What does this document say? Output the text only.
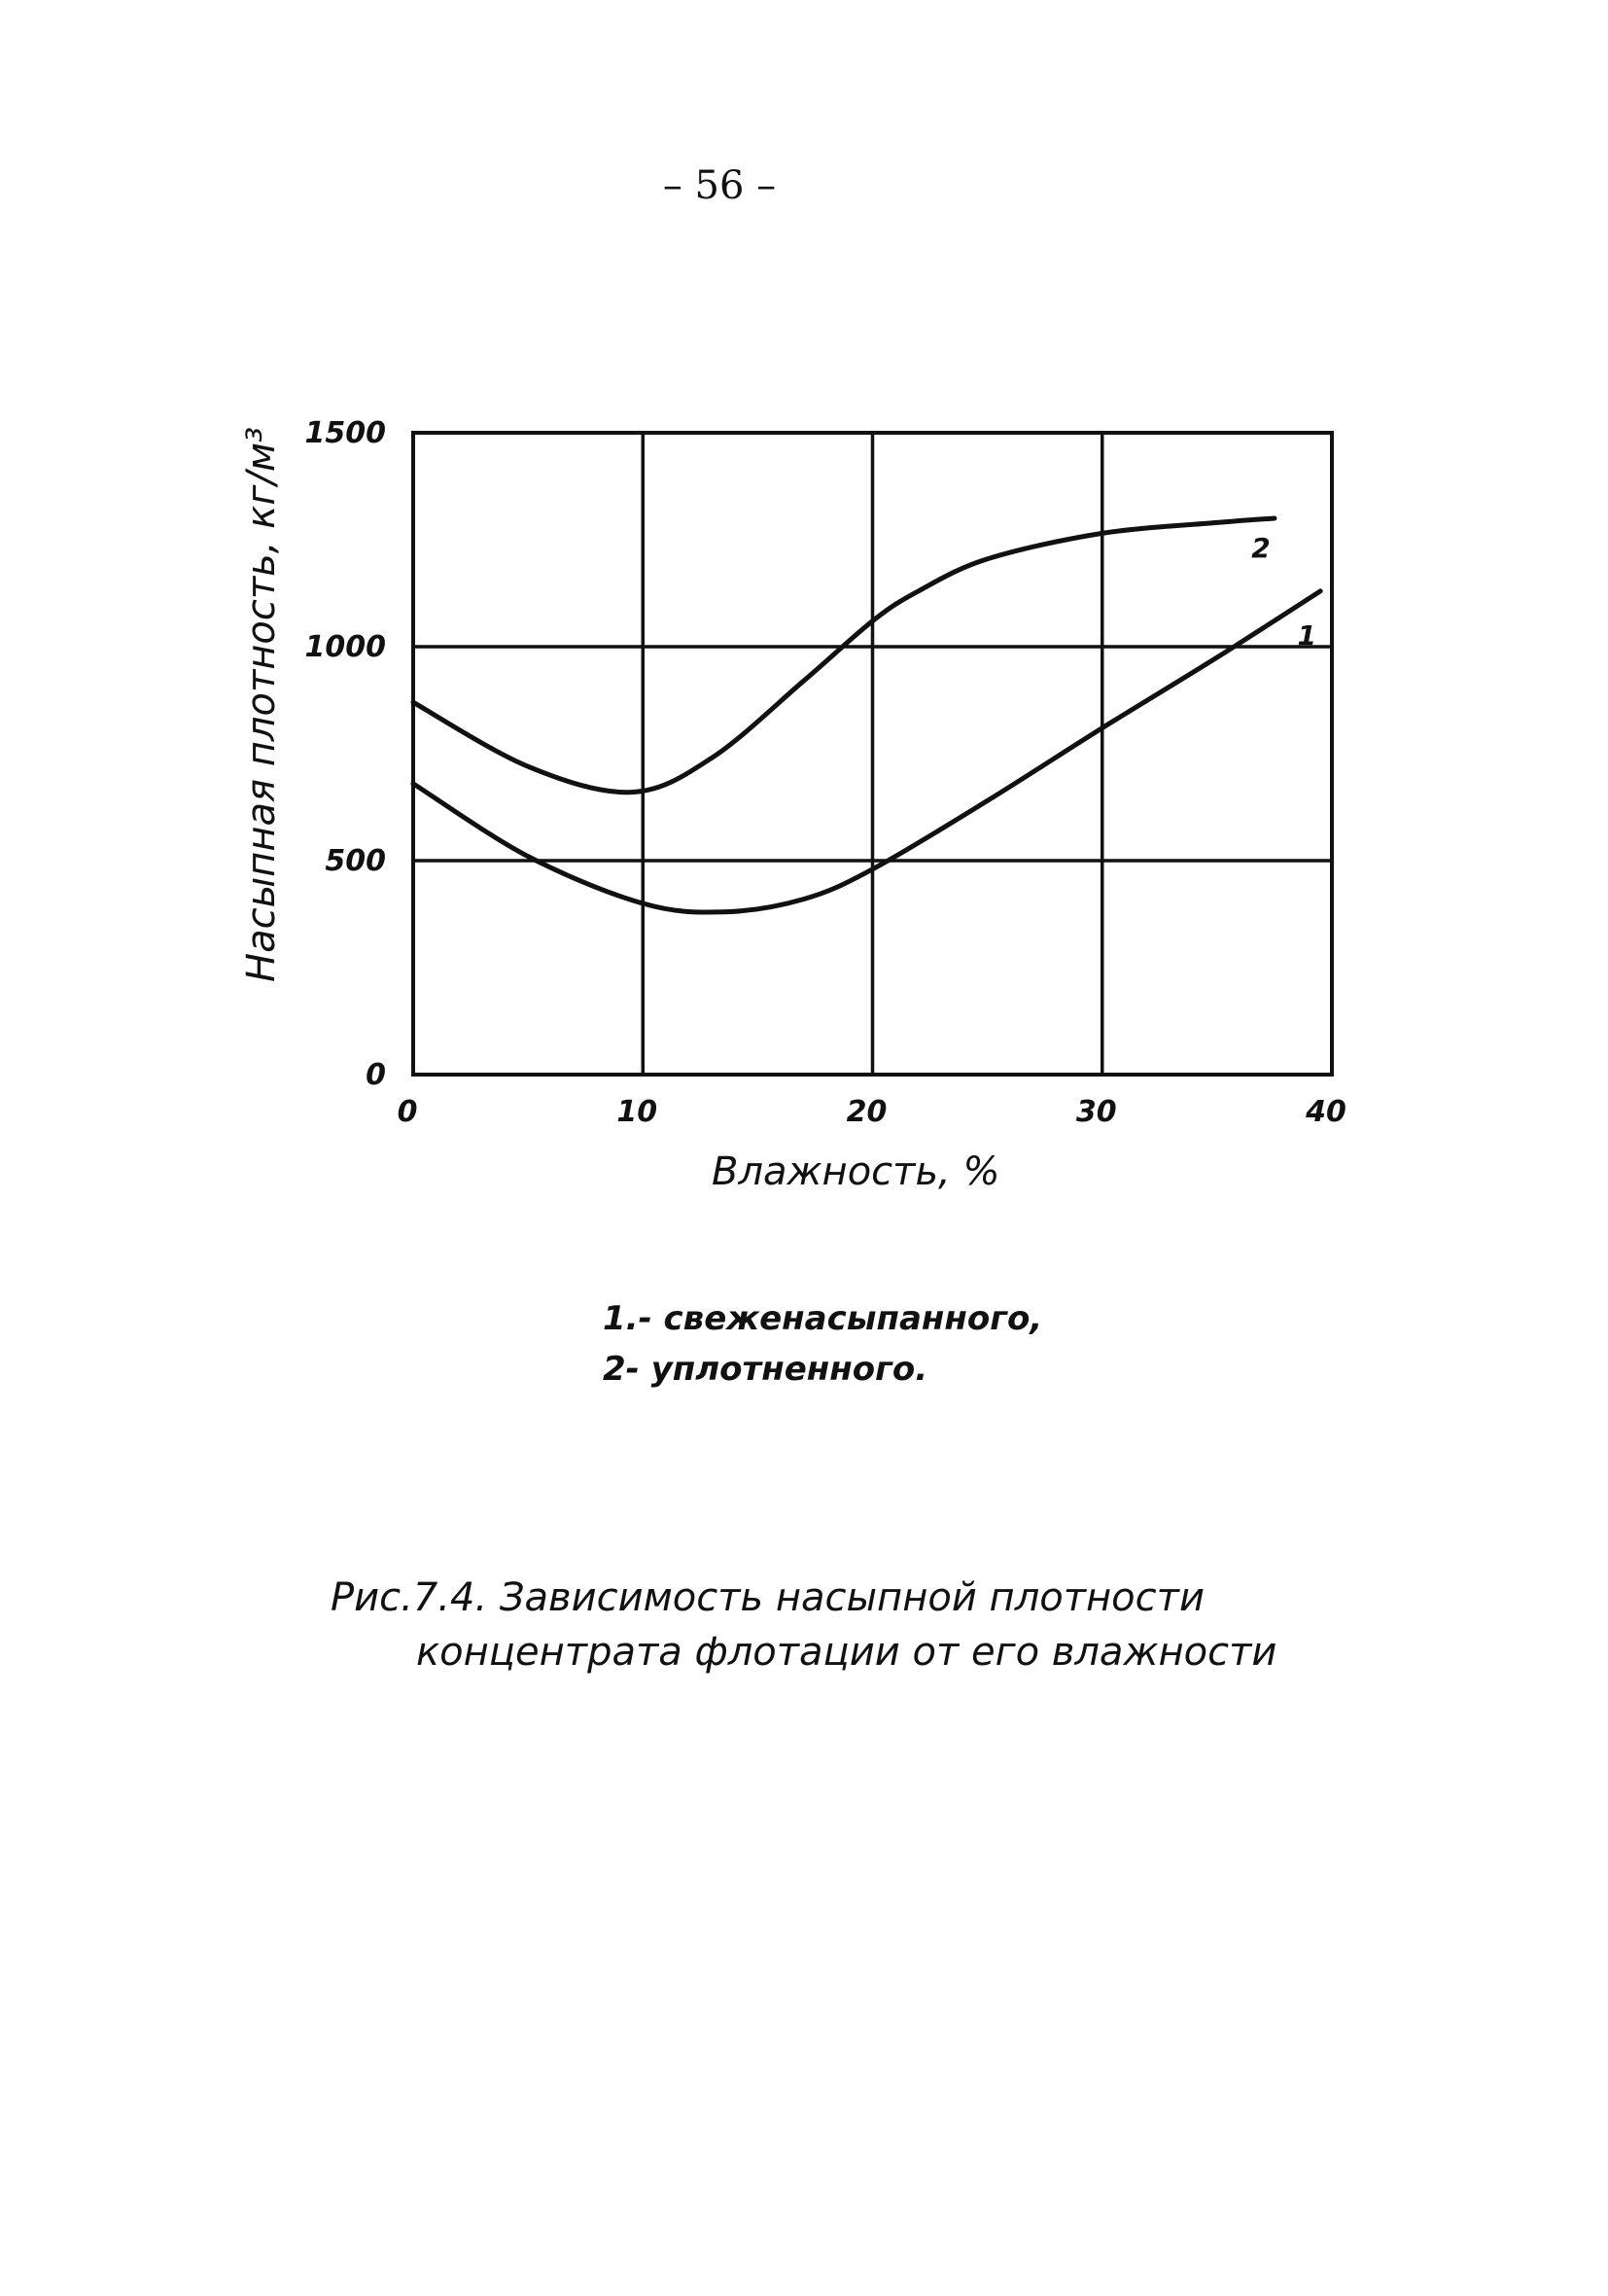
– 56 –
1
2
0	10	20	30	40
0
500
1000
1500
Насыпная плотность, кг/м³
Влажность, %
1.- свеженасыпанного,
2- уплотненного.
Рис.7.4. Зависимость насыпной плотности
концентрата флотации от его влажности
